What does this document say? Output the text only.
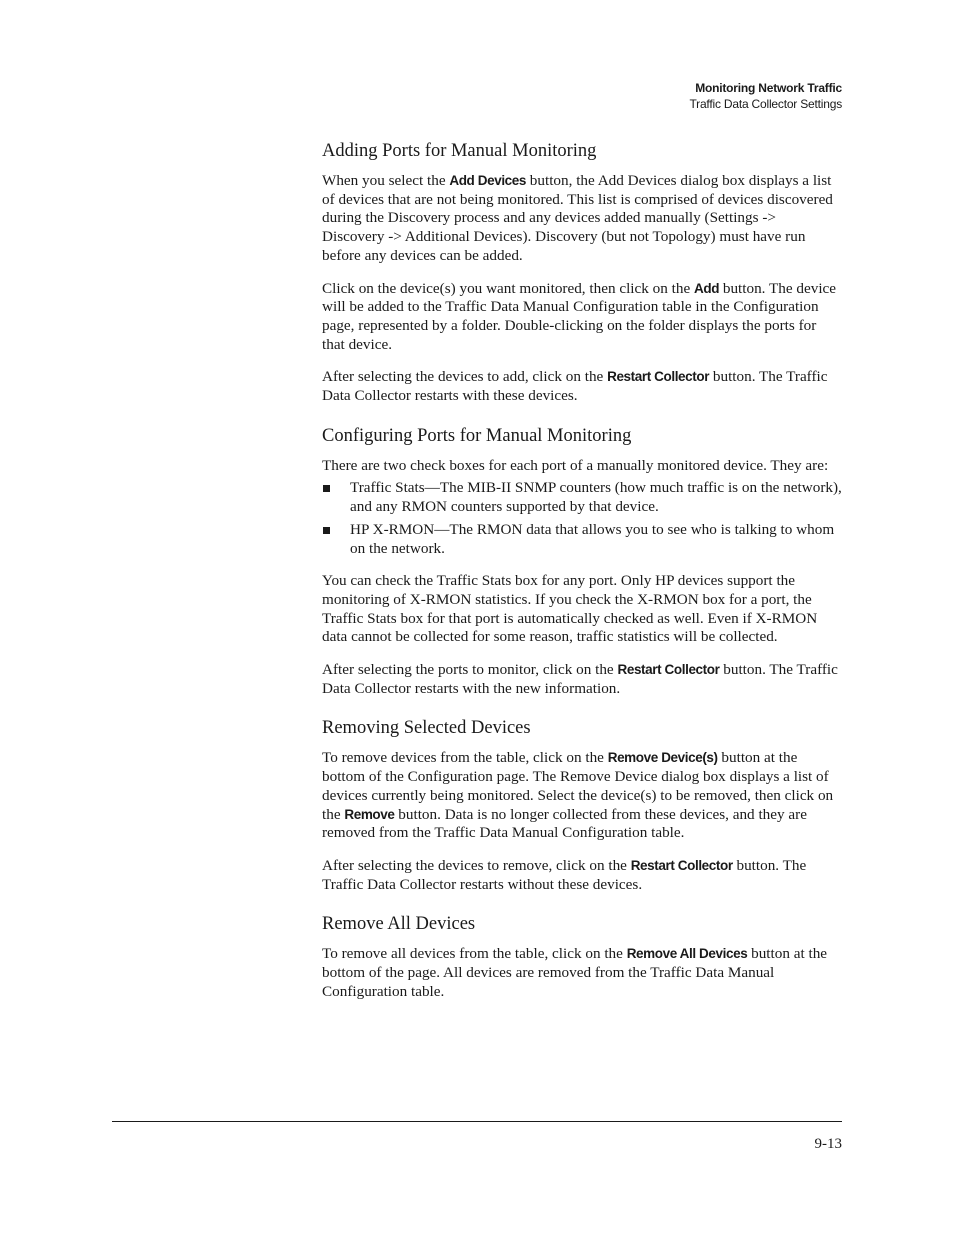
Monitoring Network Traffic
Traffic Data Collector Settings
Adding Ports for Manual Monitoring

When you select the Add Devices button, the Add Devices dialog box displays a list of devices that are not being monitored. This list is comprised of devices discovered during the Discovery process and any devices added manually (Settings -> Discovery -> Additional Devices). Discovery (but not Topology) must have run before any devices can be added.

Click on the device(s) you want monitored, then click on the Add button. The device will be added to the Traffic Data Manual Configuration table in the Configuration page, represented by a folder. Double-clicking on the folder displays the ports for that device.

After selecting the devices to add, click on the Restart Collector button. The Traffic Data Collector restarts with these devices.

Configuring Ports for Manual Monitoring

There are two check boxes for each port of a manually monitored device. They are:

Traffic Stats—The MIB-II SNMP counters (how much traffic is on the network), and any RMON counters supported by that device.
HP X-RMON—The RMON data that allows you to see who is talking to whom on the network.

You can check the Traffic Stats box for any port. Only HP devices support the monitoring of X-RMON statistics. If you check the X-RMON box for a port, the Traffic Stats box for that port is automatically checked as well. Even if X-RMON data cannot be collected for some reason, traffic statistics will be collected.

After selecting the ports to monitor, click on the Restart Collector button. The Traffic Data Collector restarts with the new information.

Removing Selected Devices

To remove devices from the table, click on the Remove Device(s) button at the bottom of the Configuration page. The Remove Device dialog box displays a list of devices currently being monitored. Select the device(s) to be removed, then click on the Remove button. Data is no longer collected from these devices, and they are removed from the Traffic Data Manual Configuration table.

After selecting the devices to remove, click on the Restart Collector button. The Traffic Data Collector restarts without these devices.

Remove All Devices

To remove all devices from the table, click on the Remove All Devices button at the bottom of the page. All devices are removed from the Traffic Data Manual Configuration table.

9-13
